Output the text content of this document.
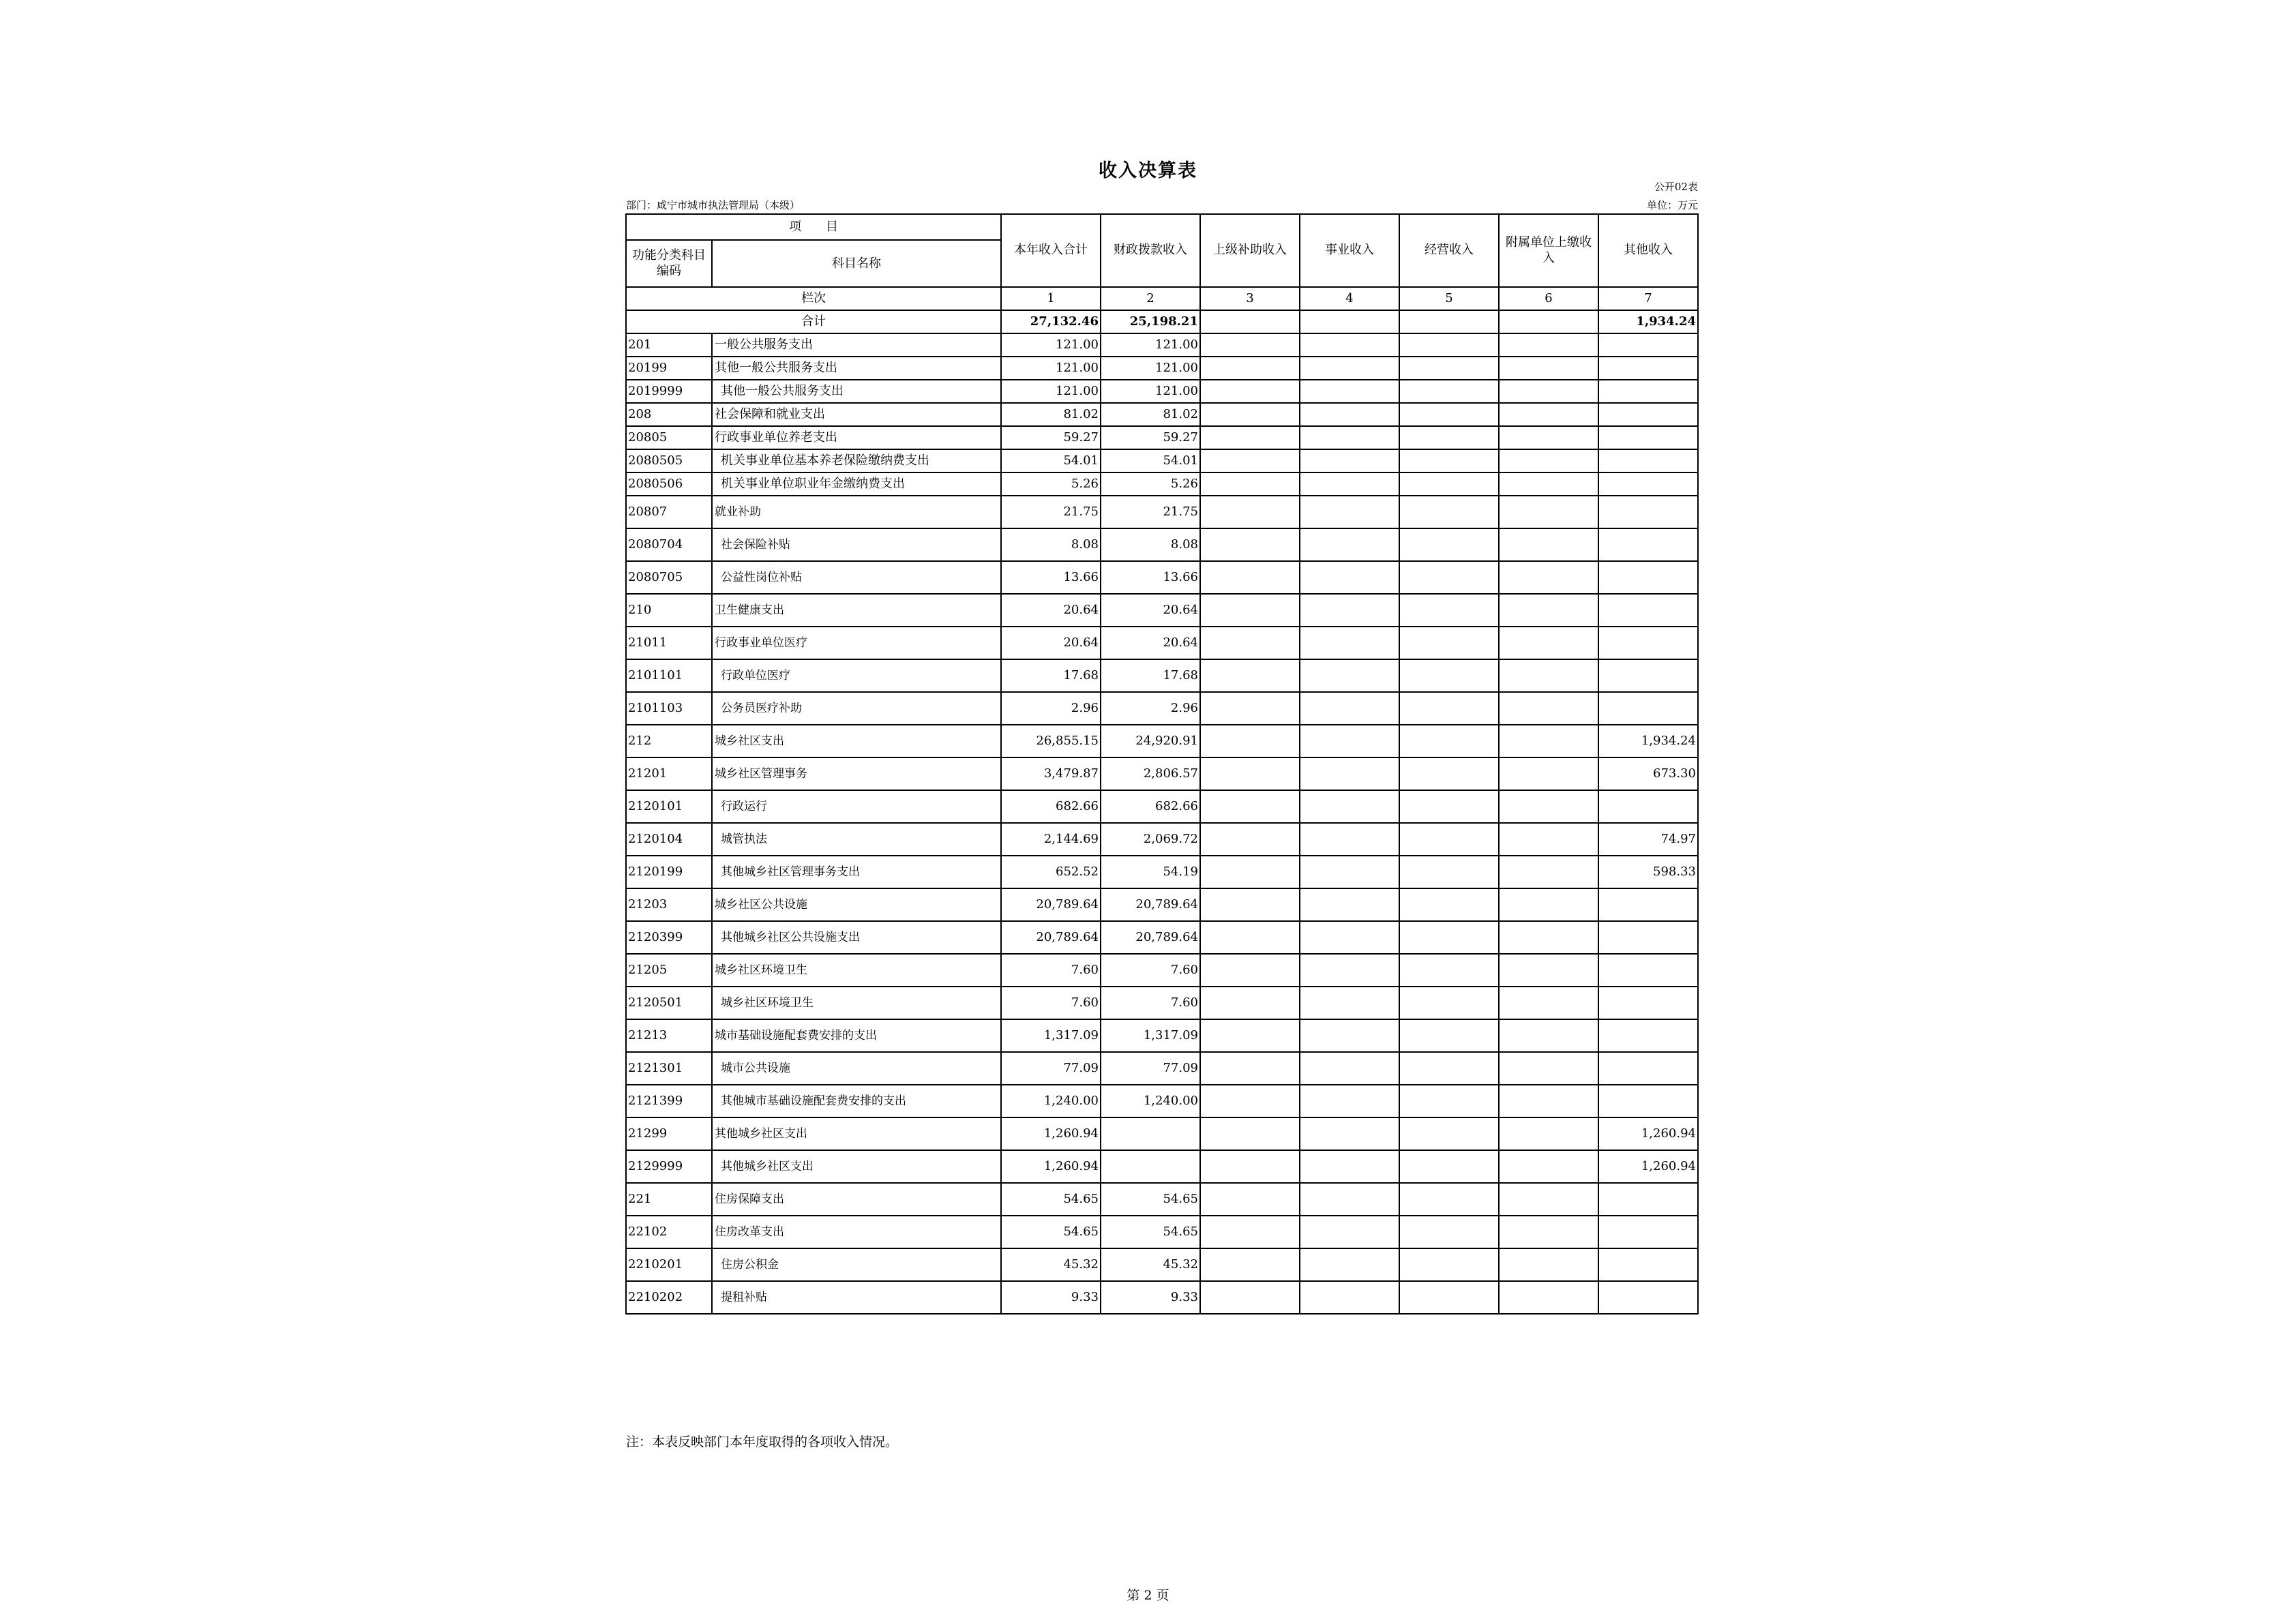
收入决算表
公开02表
部门：咸宁市城市执法管理局（本级）	单位：万元
项　　目		本年收入合计	财政拨款收入	上级补助收入	事业收入	经营收入	附属单位上缴收入	其他收入
功能分类科目编码	科目名称							
栏次		1	2	3	4	5	6	7
合计		27,132.46	25,198.21					1,934.24
201	一般公共服务支出	121.00	121.00					
20199	其他一般公共服务支出	121.00	121.00					
2019999	其他一般公共服务支出	121.00	121.00					
208	社会保障和就业支出	81.02	81.02					
20805	行政事业单位养老支出	59.27	59.27					
2080505	机关事业单位基本养老保险缴纳费支出	54.01	54.01					
2080506	机关事业单位职业年金缴纳费支出	5.26	5.26					
20807	就业补助	21.75	21.75					
2080704	社会保险补贴	8.08	8.08					
2080705	公益性岗位补贴	13.66	13.66					
210	卫生健康支出	20.64	20.64					
21011	行政事业单位医疗	20.64	20.64					
2101101	行政单位医疗	17.68	17.68					
2101103	公务员医疗补助	2.96	2.96					
212	城乡社区支出	26,855.15	24,920.91					1,934.24
21201	城乡社区管理事务	3,479.87	2,806.57					673.30
2120101	行政运行	682.66	682.66					
2120104	城管执法	2,144.69	2,069.72					74.97
2120199	其他城乡社区管理事务支出	652.52	54.19					598.33
21203	城乡社区公共设施	20,789.64	20,789.64					
2120399	其他城乡社区公共设施支出	20,789.64	20,789.64					
21205	城乡社区环境卫生	7.60	7.60					
2120501	城乡社区环境卫生	7.60	7.60					
21213	城市基础设施配套费安排的支出	1,317.09	1,317.09					
2121301	城市公共设施	77.09	77.09					
2121399	其他城市基础设施配套费安排的支出	1,240.00	1,240.00					
21299	其他城乡社区支出	1,260.94						1,260.94
2129999	其他城乡社区支出	1,260.94						1,260.94
221	住房保障支出	54.65	54.65					
22102	住房改革支出	54.65	54.65					
2210201	住房公积金	45.32	45.32					
2210202	提租补贴	9.33	9.33					
注：本表反映部门本年度取得的各项收入情况。
第 2 页
